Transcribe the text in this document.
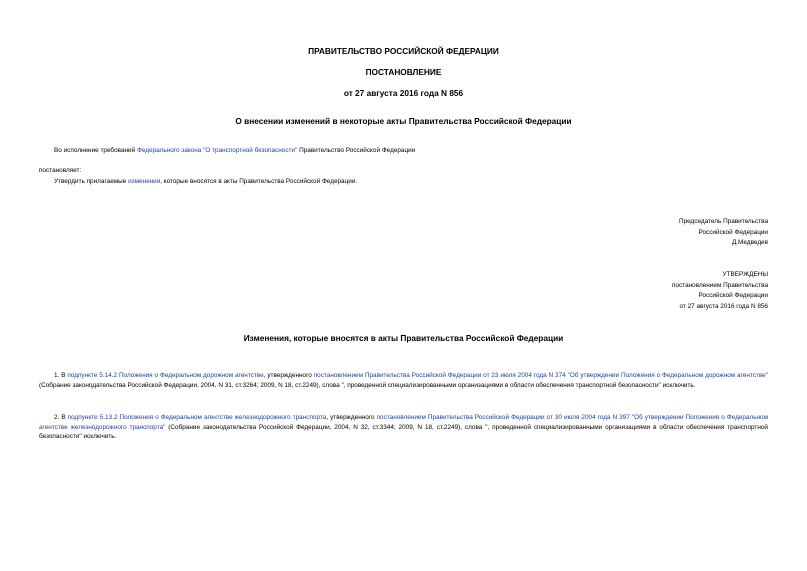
ПРАВИТЕЛЬСТВО РОССИЙСКОЙ ФЕДЕРАЦИИ
ПОСТАНОВЛЕНИЕ
от 27 августа 2016 года N 856
О внесении изменений в некоторые акты Правительства Российской Федерации
Во исполнение требований Федерального закона "О транспортной безопасности" Правительство Российской Федерации
постановляет:
Утвердить прилагаемые изменения, которые вносятся в акты Правительства Российской Федерации.
Председатель Правительства
Российской Федерации
Д.Медведев
УТВЕРЖДЕНЫ
постановлением Правительства
Российской Федерации
от 27 августа 2016 года N 856
Изменения, которые вносятся в акты Правительства Российской Федерации
1. В подпункте 5.14.2 Положения о Федеральном дорожном агентстве, утвержденного постановлением Правительства Российской Федерации от 23 июля 2004 года N 374 "Об утверждении Положения о Федеральном дорожном агентстве" (Собрание законодательства Российской Федерации, 2004, N 31, ст.3264; 2009, N 18, ст.2249), слова ", проведенной специализированными организациями в области обеспечения транспортной безопасности" исключить.
2. В подпункте 5.13.2 Положения о Федеральном агентстве железнодорожного транспорта, утвержденного постановлением Правительства Российской Федерации от 30 июля 2004 года N 397 "Об утверждении Положения о Федеральном агентстве железнодорожного транспорта" (Собрание законодательства Российской Федерации, 2004, N 32, ст.3344; 2009, N 18, ст.2249), слова ", проведенной специализированными организациями в области обеспечения транспортной безопасности" исключить.
